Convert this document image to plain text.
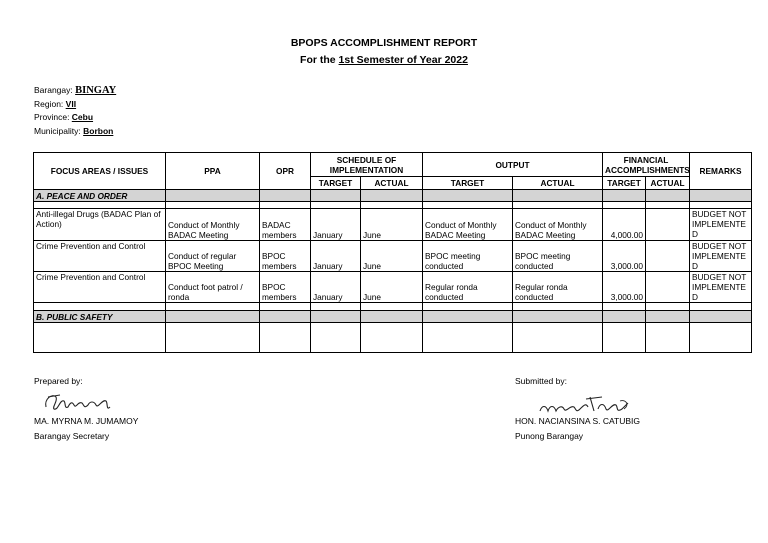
BPOPS ACCOMPLISHMENT REPORT
For the 1st Semester of Year 2022
Barangay: BINGAY
Region: VII
Province: Cebu
Municipality: Borbon
FOCUS AREAS / ISSUES	PPA	OPR	SCHEDULE OF IMPLEMENTATION		OUTPUT		FINANCIAL ACCOMPLISHMENTS		REMARKS
			TARGET	ACTUAL	TARGET	ACTUAL	TARGET	ACTUAL	
A. PEACE AND ORDER									

Anti-illegal Drugs (BADAC Plan of Action)	Conduct of Monthly BADAC Meeting	BADAC members	January	June	Conduct of Monthly BADAC Meeting	Conduct of Monthly BADAC Meeting	4,000.00		BUDGET NOT
IMPLEMENTE
D

Crime Prevention and Control	Conduct of regular BPOC Meeting	BPOC members	January	June	BPOC meeting conducted	BPOC meeting conducted	3,000.00		BUDGET NOT
IMPLEMENTE
D

Crime Prevention and Control	Conduct foot patrol / ronda	BPOC members	January	June	Regular ronda conducted	Regular ronda conducted	3,000.00		BUDGET NOT
IMPLEMENTE
D

B. PUBLIC SAFETY									

Prepared by:
MA. MYRNA M. JUMAMOY
Barangay Secretary
Submitted by:
HON. NACIANSINA S. CATUBIG
Punong Barangay
